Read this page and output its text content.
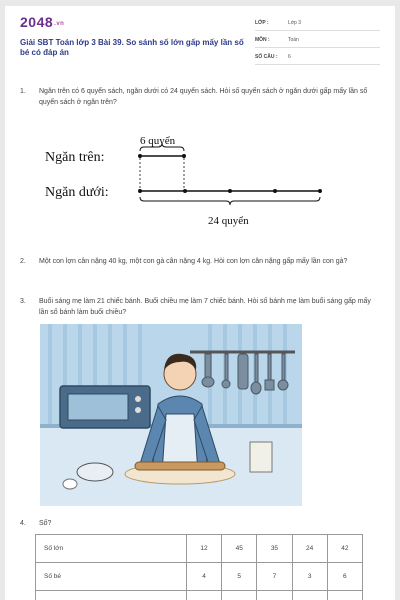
$2048^{.vn}$
Giải SBT Toán lớp 3 Bài 39. So sánh số lớn gấp mấy lần số bé có đáp án
LỚP :	Lớp 3
MÔN :	Toán
SỐ CÂU : 6
1. Ngăn trên có 6 quyển sách, ngăn dưới có 24 quyển sách. Hỏi số quyển sách ở ngăn dưới gấp mấy lần số quyển sách ở ngăn trên?
6 quyển
Ngăn trên:
Ngăn dưới:
24 quyển
2. Một con lợn cân nặng 40 kg, một con gà cân nặng 4 kg. Hỏi con lợn cân nặng gấp mấy lần con gà?
3. Buổi sáng mẹ làm 21 chiếc bánh. Buổi chiều mẹ làm 7 chiếc bánh. Hỏi số bánh mẹ làm buổi sáng gấp mấy lần số bánh làm buổi chiều?
4. Số?
Số lớn	12	45	35	24	42
Số bé	4	5	7	3	6
